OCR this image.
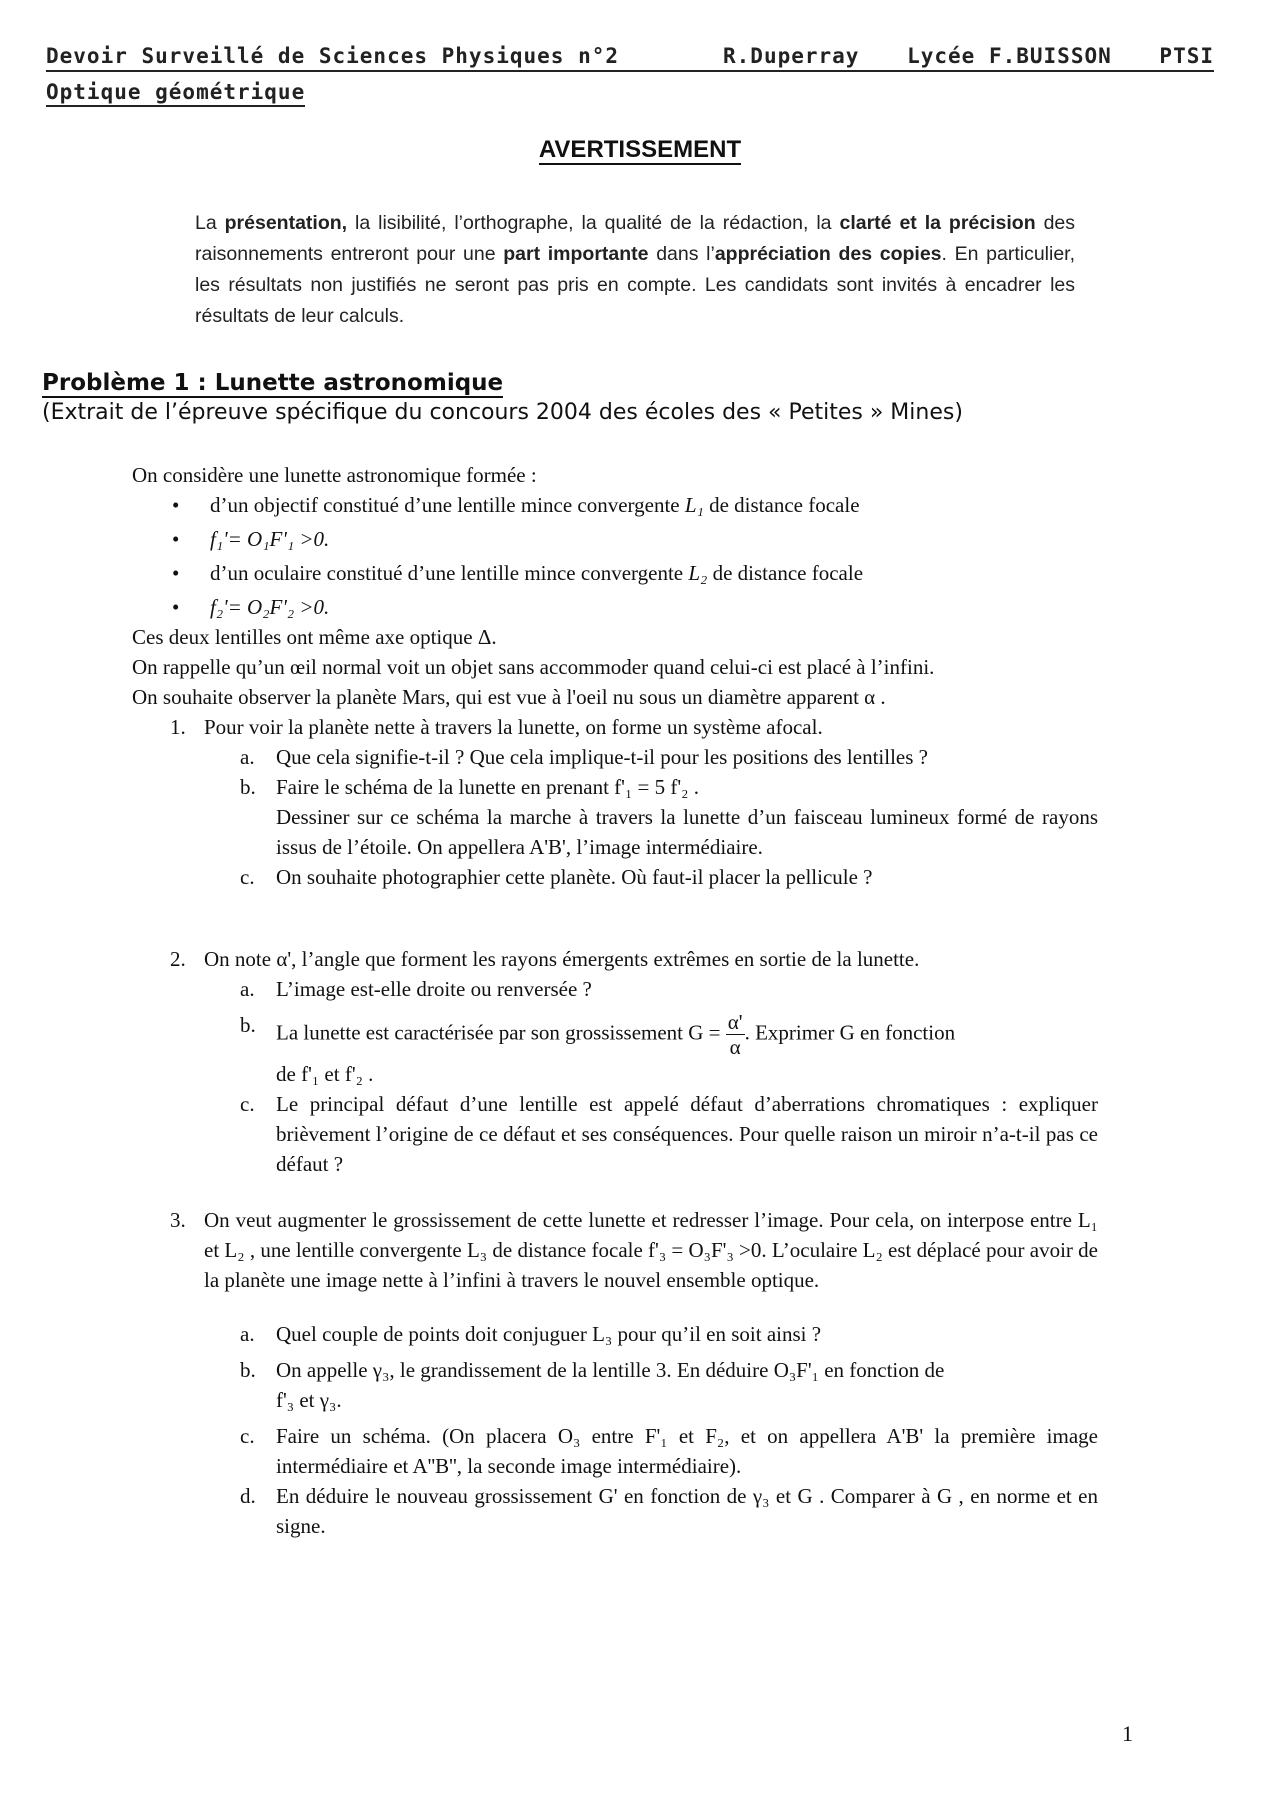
Devoir Surveillé de Sciences Physiques n°2	R.Duperray Lycée F.BUISSON PTSI
Optique géométrique
AVERTISSEMENT
La présentation, la lisibilité, l’orthographe, la qualité de la rédaction, la clarté et la précision des raisonnements entreront pour une part importante dans l’appréciation des copies. En particulier, les résultats non justifiés ne seront pas pris en compte. Les candidats sont invités à encadrer les résultats de leur calculs.
Problème 1 : Lunette astronomique
(Extrait de l’épreuve spécifique du concours 2004 des écoles des « Petites » Mines)

On considère une lunette astronomique formée :

• d’un objectif constitué d’une lentille mince convergente L₁ de distance focale

• f₁'= O₁F'₁ >0.

• d’un oculaire constitué d’une lentille mince convergente L₂ de distance focale

• f₂'= O₂F'₂ >0.

Ces deux lentilles ont même axe optique Δ.

On rappelle qu’un œil normal voit un objet sans accommoder quand celui-ci est placé à l’infini.

On souhaite observer la planète Mars, qui est vue à l'oeil nu sous un diamètre apparent α .

1. Pour voir la planète nette à travers la lunette, on forme un système afocal.

a. Que cela signifie-t-il ? Que cela implique-t-il pour les positions des lentilles ?

b. Faire le schéma de la lunette en prenant f'₁ = 5 f'₂ .

Dessiner sur ce schéma la marche à travers la lunette d’un faisceau lumineux formé de rayons issus de l’étoile. On appellera A'B', l’image intermédiaire.

c. On souhaite photographier cette planète. Où faut-il placer la pellicule ?

2. On note α', l’angle que forment les rayons émergents extrêmes en sortie de la lunette.

a. L’image est-elle droite ou renversée ?

b. La lunette est caractérisée par son grossissement $G = \frac{\alpha'}{\alpha}$ . Exprimer G en fonction

de f'₁ et f'₂ .

c. Le principal défaut d’une lentille est appelé défaut d’aberrations chromatiques : expliquer brièvement l’origine de ce défaut et ses conséquences. Pour quelle raison un miroir n’a-t-il pas ce défaut ?

3. On veut augmenter le grossissement de cette lunette et redresser l’image. Pour cela, on interpose entre L₁ et L₂ , une lentille convergente L₃ de distance focale f'₃ = O₃F'₃ >0. L’oculaire L₂ est déplacé pour avoir de la planète une image nette à l’infini à travers le nouvel ensemble optique.

a. Quel couple de points doit conjuguer L₃ pour qu’il en soit ainsi ?

b. On appelle γ₃, le grandissement de la lentille 3. En déduire O₃F'₁ en fonction de

f'₃ et γ₃.

c. Faire un schéma. (On placera O₃ entre F'₁ et F₂, et on appellera A'B' la première image intermédiaire et A''B'', la seconde image intermédiaire).

d. En déduire le nouveau grossissement G' en fonction de γ₃ et G . Comparer à G , en norme et en signe.

1
